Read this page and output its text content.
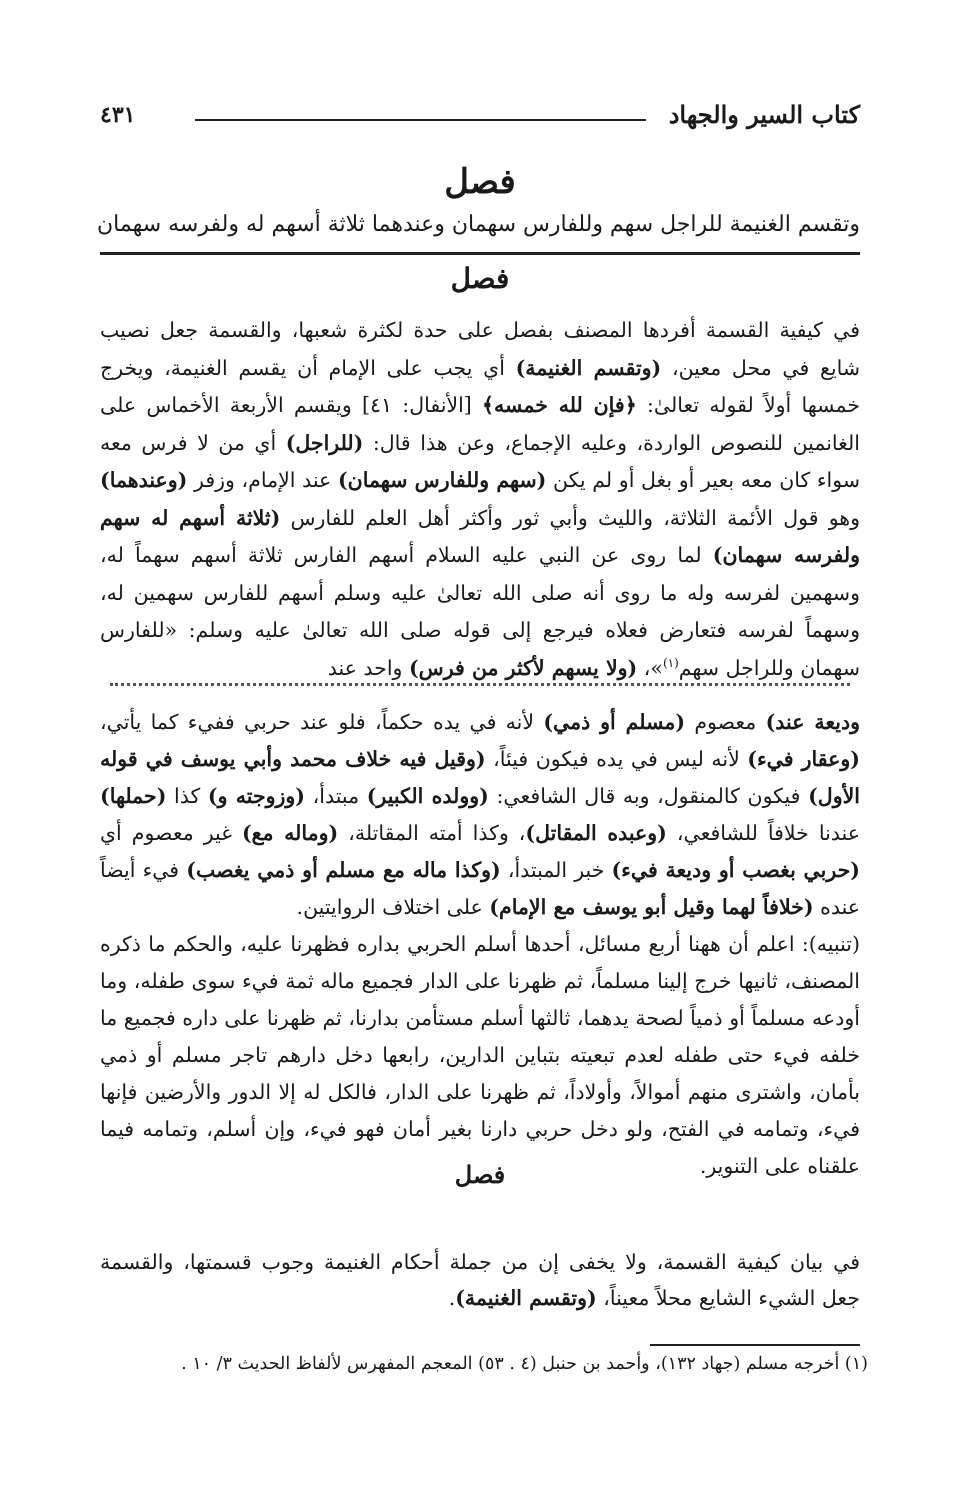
كتاب السير والجهاد
٤٣١
فصل
وتقسم الغنيمة للراجل سهم وللفارس سهمان وعندهما ثلاثة أسهم له ولفرسه سهمان
فصل

في كيفية القسمة أفردها المصنف بفصل على حدة لكثرة شعبها، والقسمة جعل نصيب شايع في محل معين، (وتقسم الغنيمة) أي يجب على الإمام أن يقسم الغنيمة، ويخرج خمسها أولاً لقوله تعالىٰ: ﴿فإن لله خمسه﴾ [الأنفال: ٤١] ويقسم الأربعة الأخماس على الغانمين للنصوص الواردة، وعليه الإجماع، وعن هذا قال: (للراجل) أي من لا فرس معه سواء كان معه بعير أو بغل أو لم يكن (سهم وللفارس سهمان) عند الإمام، وزفر (وعندهما) وهو قول الأئمة الثلاثة، والليث وأبي ثور وأكثر أهل العلم للفارس (ثلاثة أسهم له سهم ولفرسه سهمان) لما روى عن النبي عليه السلام أسهم الفارس ثلاثة أسهم سهماً له، وسهمين لفرسه وله ما روى أنه صلى الله تعالىٰ عليه وسلم أسهم للفارس سهمين له، وسهماً لفرسه فتعارض فعلاه فيرجع إلى قوله صلى الله تعالىٰ عليه وسلم: «للفارس سهمان وللراجل سهم$^{(١)}$»، (ولا يسهم لأكثر من فرس) واحد عند

وديعة عند) معصوم (مسلم أو ذمي) لأنه في يده حكماً، فلو عند حربي ففيء كما يأتي، (وعقار فيء) لأنه ليس في يده فيكون فيئاً، (وقيل فيه خلاف محمد وأبي يوسف في قوله الأول) فيكون كالمنقول، وبه قال الشافعي: (وولده الكبير) مبتدأ، (وزوجته و) كذا (حملها) عندنا خلافاً للشافعي، (وعبده المقاتل)، وكذا أمته المقاتلة، (وماله مع) غير معصوم أي (حربي بغصب أو وديعة فيء) خبر المبتدأ، (وكذا ماله مع مسلم أو ذمي يغصب) فيء أيضاً عنده (خلافاً لهما وقيل أبو يوسف مع الإمام) على اختلاف الروايتين.

(تنبيه): اعلم أن ههنا أربع مسائل، أحدها أسلم الحربي بداره فظهرنا عليه، والحكم ما ذكره المصنف، ثانيها خرج إلينا مسلماً، ثم ظهرنا على الدار فجميع ماله ثمة فيء سوى طفله، وما أودعه مسلماً أو ذمياً لصحة يدهما، ثالثها أسلم مستأمن بدارنا، ثم ظهرنا على داره فجميع ما خلفه فيء حتى طفله لعدم تبعيته بتباين الدارين، رابعها دخل دارهم تاجر مسلم أو ذمي بأمان، واشترى منهم أموالاً، وأولاداً، ثم ظهرنا على الدار، فالكل له إلا الدور والأرضين فإنها فيء، وتمامه في الفتح، ولو دخل حربي دارنا بغير أمان فهو فيء، وإن أسلم، وتمامه فيما علقناه على التنوير.

فصل

في بيان كيفية القسمة، ولا يخفى إن من جملة أحكام الغنيمة وجوب قسمتها، والقسمة جعل الشيء الشايع محلاً معيناً، (وتقسم الغنيمة).

(١) أخرجه مسلم (جهاد ١٣٢)، وأحمد بن حنبل (٤ . ٥٣) المعجم المفهرس لألفاظ الحديث ٣/ ١٠ .
